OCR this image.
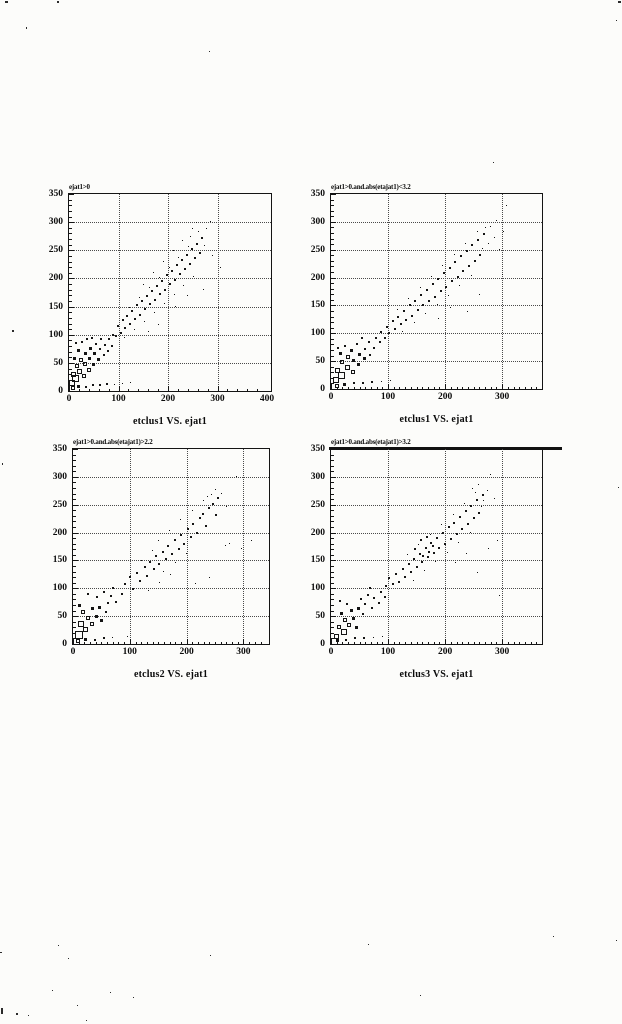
0
50
100
150
200
250
300
350
0	100	200	300	400
ejat1>0
etclus1 VS. ejat1
0
50
100
150
200
250
300
350
0	100	200	300
ejat1>0.and.abs(etajat1)<3.2
etclus1 VS. ejat1
0
50
100
150
200
250
300
350
0	100	200	300
ejat1>0.and.abs(etajat1)>2.2
etclus2 VS. ejat1
0
50
100
150
200
250
300
350
0	100	200	300
ejat1>0.and.abs(etajat1)>3.2
etclus3 VS. ejat1
